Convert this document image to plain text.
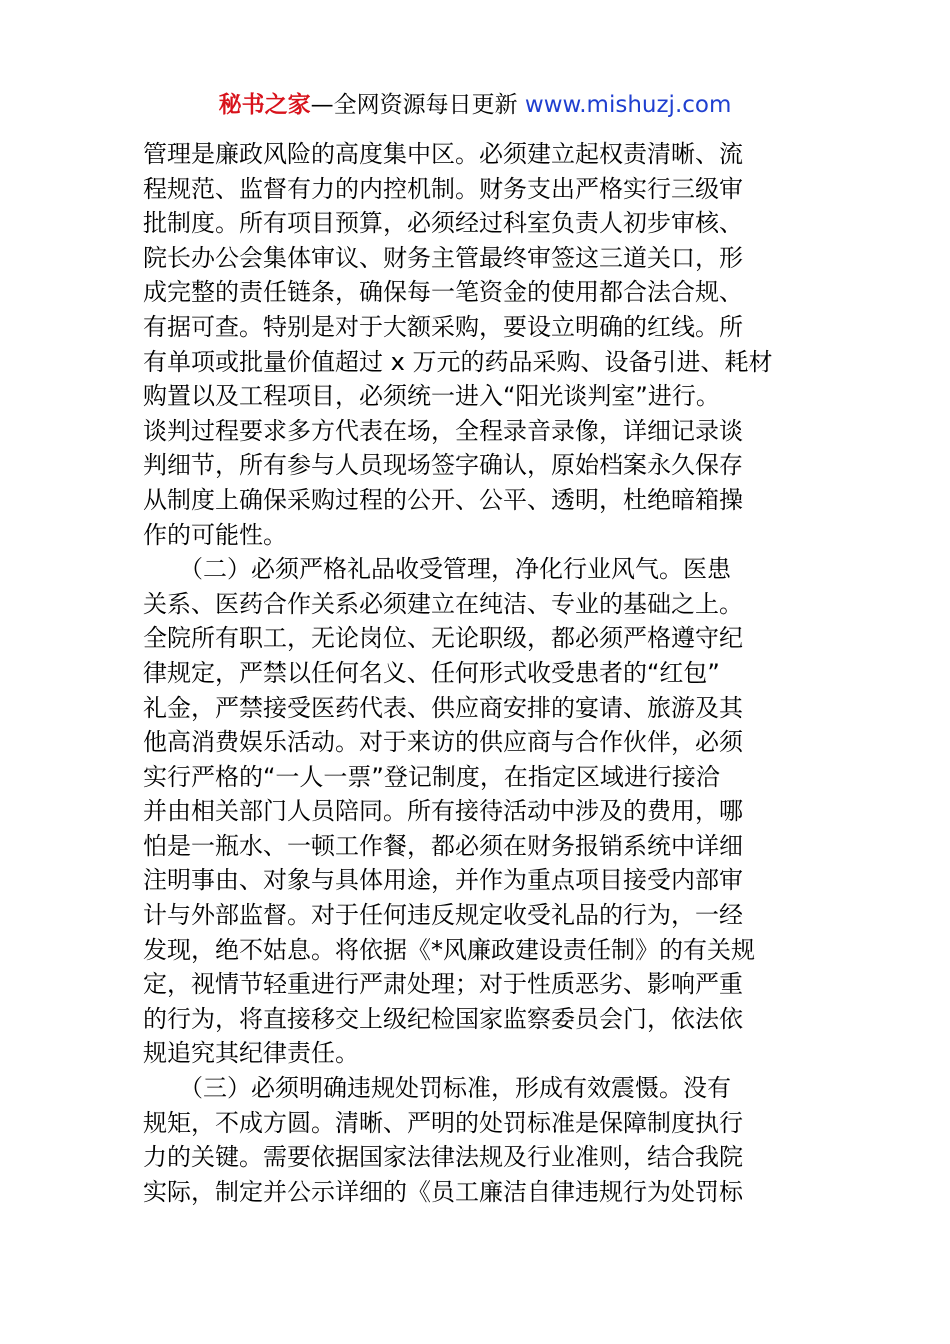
秘书之家—全网资源每日更新 www.mishuzj.com
管理是廉政风险的高度集中区。必须建立起权责清晰、流
程规范、监督有力的内控机制。财务支出严格实行三级审
批制度。所有项目预算，必须经过科室负责人初步审核、
院长办公会集体审议、财务主管最终审签这三道关口，形
成完整的责任链条，确保每一笔资金的使用都合法合规、
有据可查。特别是对于大额采购，要设立明确的红线。所
有单项或批量价值超过 x 万元的药品采购、设备引进、耗材
购置以及工程项目，必须统一进入“阳光谈判室”进行。
谈判过程要求多方代表在场，全程录音录像，详细记录谈
判细节，所有参与人员现场签字确认，原始档案永久保存
从制度上确保采购过程的公开、公平、透明，杜绝暗箱操
作的可能性。
　　（二）必须严格礼品收受管理，净化行业风气。医患
关系、医药合作关系必须建立在纯洁、专业的基础之上。
全院所有职工，无论岗位、无论职级，都必须严格遵守纪
律规定，严禁以任何名义、任何形式收受患者的“红包”
礼金，严禁接受医药代表、供应商安排的宴请、旅游及其
他高消费娱乐活动。对于来访的供应商与合作伙伴，必须
实行严格的“一人一票”登记制度，在指定区域进行接洽
并由相关部门人员陪同。所有接待活动中涉及的费用，哪
怕是一瓶水、一顿工作餐，都必须在财务报销系统中详细
注明事由、对象与具体用途，并作为重点项目接受内部审
计与外部监督。对于任何违反规定收受礼品的行为，一经
发现，绝不姑息。将依据《*风廉政建设责任制》的有关规
定，视情节轻重进行严肃处理；对于性质恶劣、影响严重
的行为，将直接移交上级纪检国家监察委员会门，依法依
规追究其纪律责任。
　　（三）必须明确违规处罚标准，形成有效震慑。没有
规矩，不成方圆。清晰、严明的处罚标准是保障制度执行
力的关键。需要依据国家法律法规及行业准则，结合我院
实际，制定并公示详细的《员工廉洁自律违规行为处罚标
